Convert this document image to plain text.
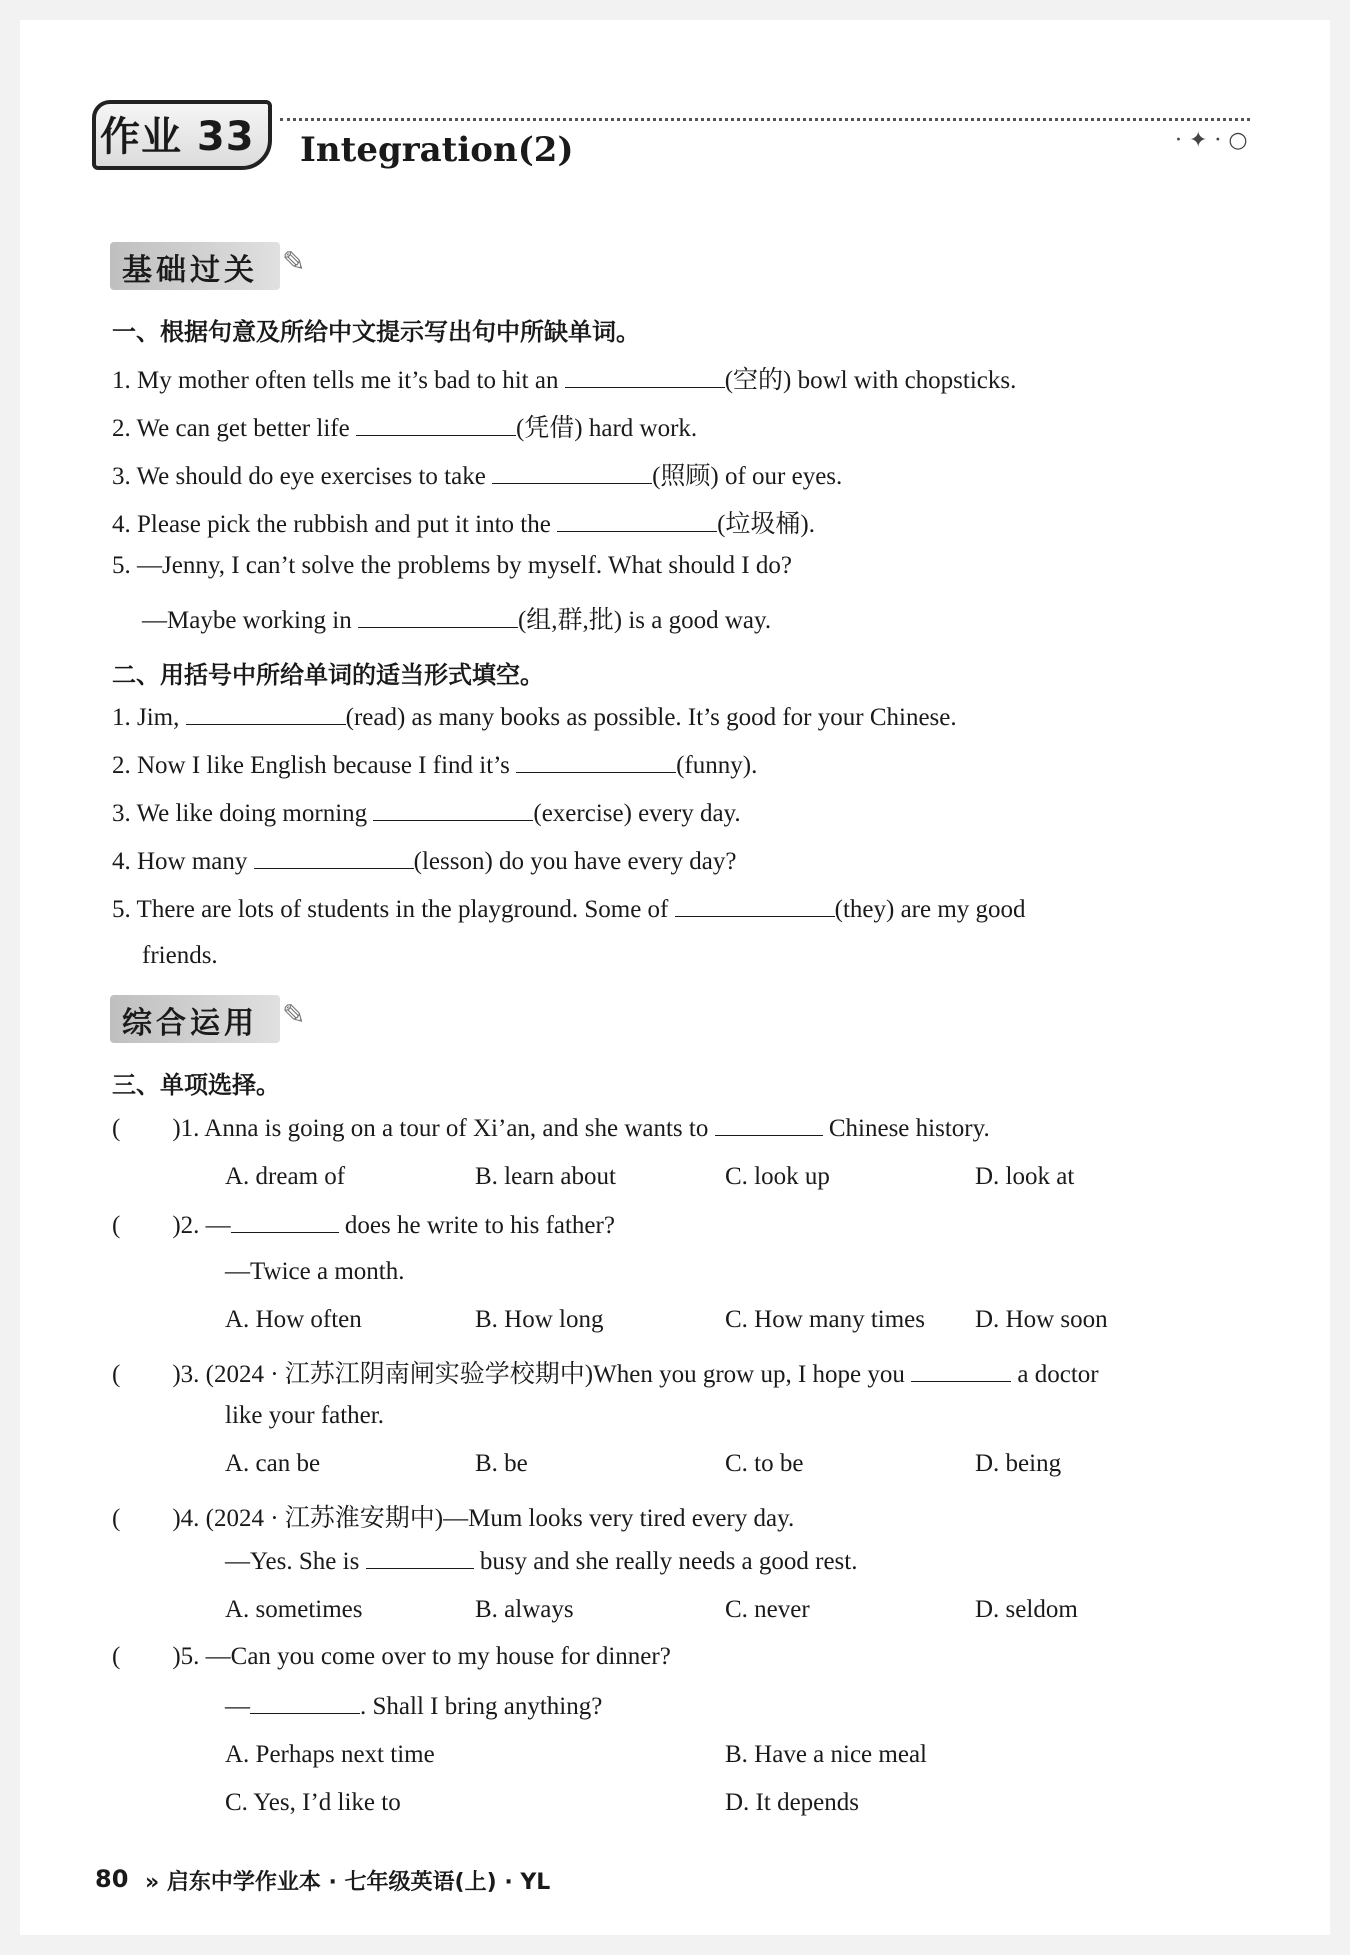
作业 33 Integration(2)	· ✦ · ○
基础过关 ✎
一、根据句意及所给中文提示写出句中所缺单词。
1. My mother often tells me it’s bad to hit an	(空的) bowl with chopsticks.
2. We can get better life	(凭借) hard work.
3. We should do eye exercises to take	(照顾) of our eyes.
4. Please pick the rubbish and put it into the	(垃圾桶).
5. —Jenny, I can’t solve the problems by myself. What should I do?
—Maybe working in	(组,群,批) is a good way.
二、用括号中所给单词的适当形式填空。
1. Jim,	(read) as many books as possible. It’s good for your Chinese.
2. Now I like English because I find it’s	(funny).
3. We like doing morning	(exercise) every day.
4. How many	(lesson) do you have every day?
5. There are lots of students in the playground. Some of	(they) are my good
friends.
综合运用 ✎
三、单项选择。
( )1. Anna is going on a tour of Xi’an, and she wants to	Chinese history.
A. dream of	B. learn about	C. look up	D. look at
( )2. —	does he write to his father?
—Twice a month.
A. How often	B. How long	C. How many times D. How soon
( )3. (2024 · 江苏江阴南闸实验学校期中)When you grow up, I hope you	a doctor
like your father.
A. can be	B. be	C. to be	D. being
( )4. (2024 · 江苏淮安期中)—Mum looks very tired every day.
—Yes. She is	busy and she really needs a good rest.
A. sometimes	B. always	C. never	D. seldom
( )5. —Can you come over to my house for dinner?
—	. Shall I bring anything?
A. Perhaps next time	B. Have a nice meal
C. Yes, I’d like to	D. It depends
80 » 启东中学作业本 · 七年级英语(上) · YL
